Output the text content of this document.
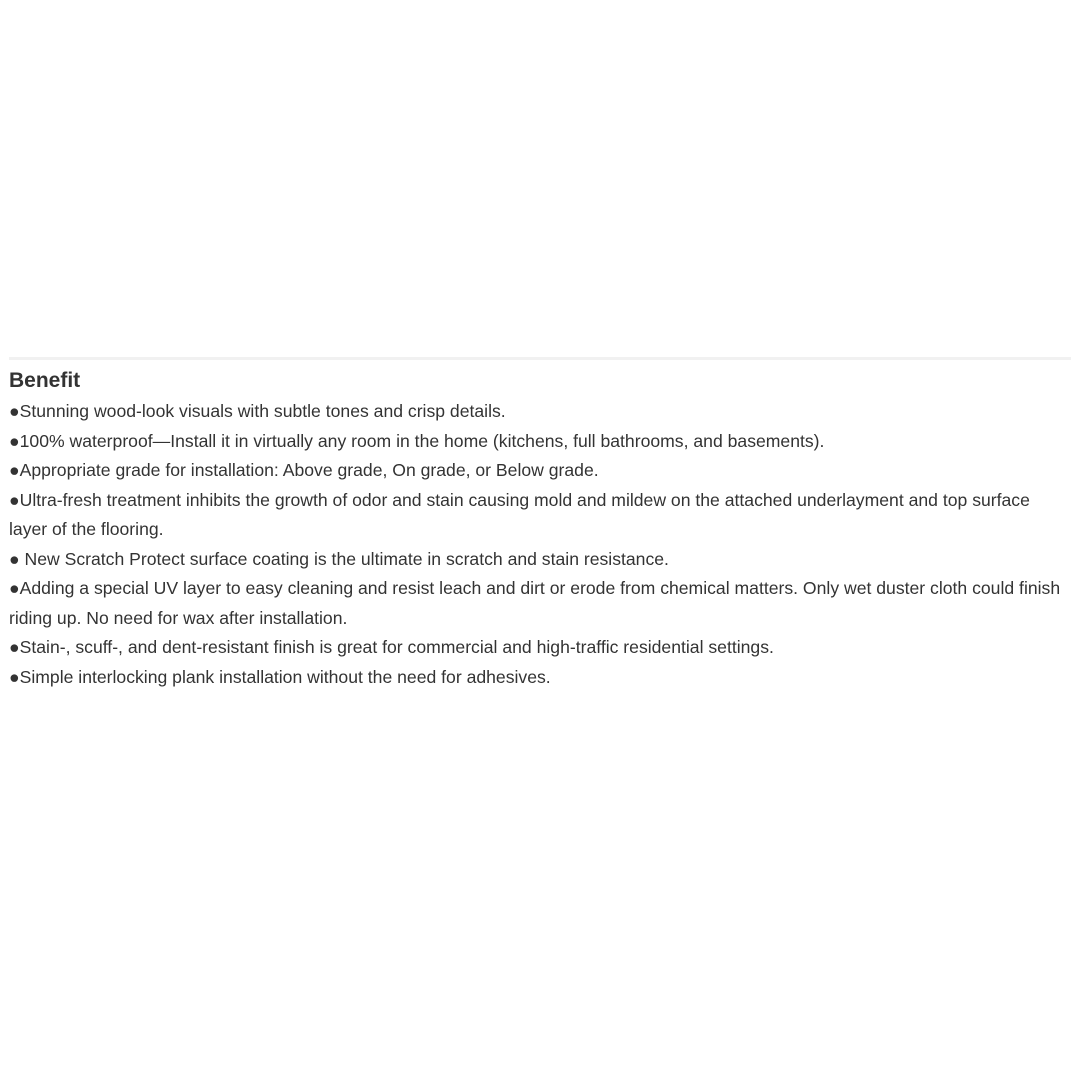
Benefit
●Stunning wood-look visuals with subtle tones and crisp details.
●100% waterproof—Install it in virtually any room in the home (kitchens, full bathrooms, and basements).
●Appropriate grade for installation: Above grade, On grade, or Below grade.
●Ultra-fresh treatment inhibits the growth of odor and stain causing mold and mildew on the attached underlayment and top surface layer of the flooring.
● New Scratch Protect surface coating is the ultimate in scratch and stain resistance.
●Adding a special UV layer to easy cleaning and resist leach and dirt or erode from chemical matters. Only wet duster cloth could finish riding up. No need for wax after installation.
●Stain-, scuff-, and dent-resistant finish is great for commercial and high-traffic residential settings.
●Simple interlocking plank installation without the need for adhesives.
